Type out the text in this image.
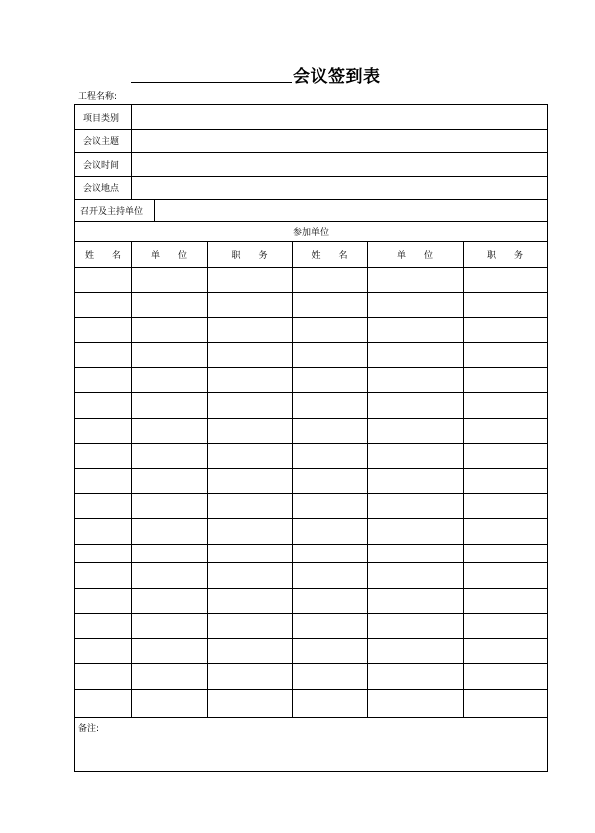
会议签到表
工程名称:
项目类别
会议主题
会议时间
会议地点
召开及主持单位
参加单位
姓　　名	单　　位	职　　务	姓　　名	单　　位	职　　务
备注:
